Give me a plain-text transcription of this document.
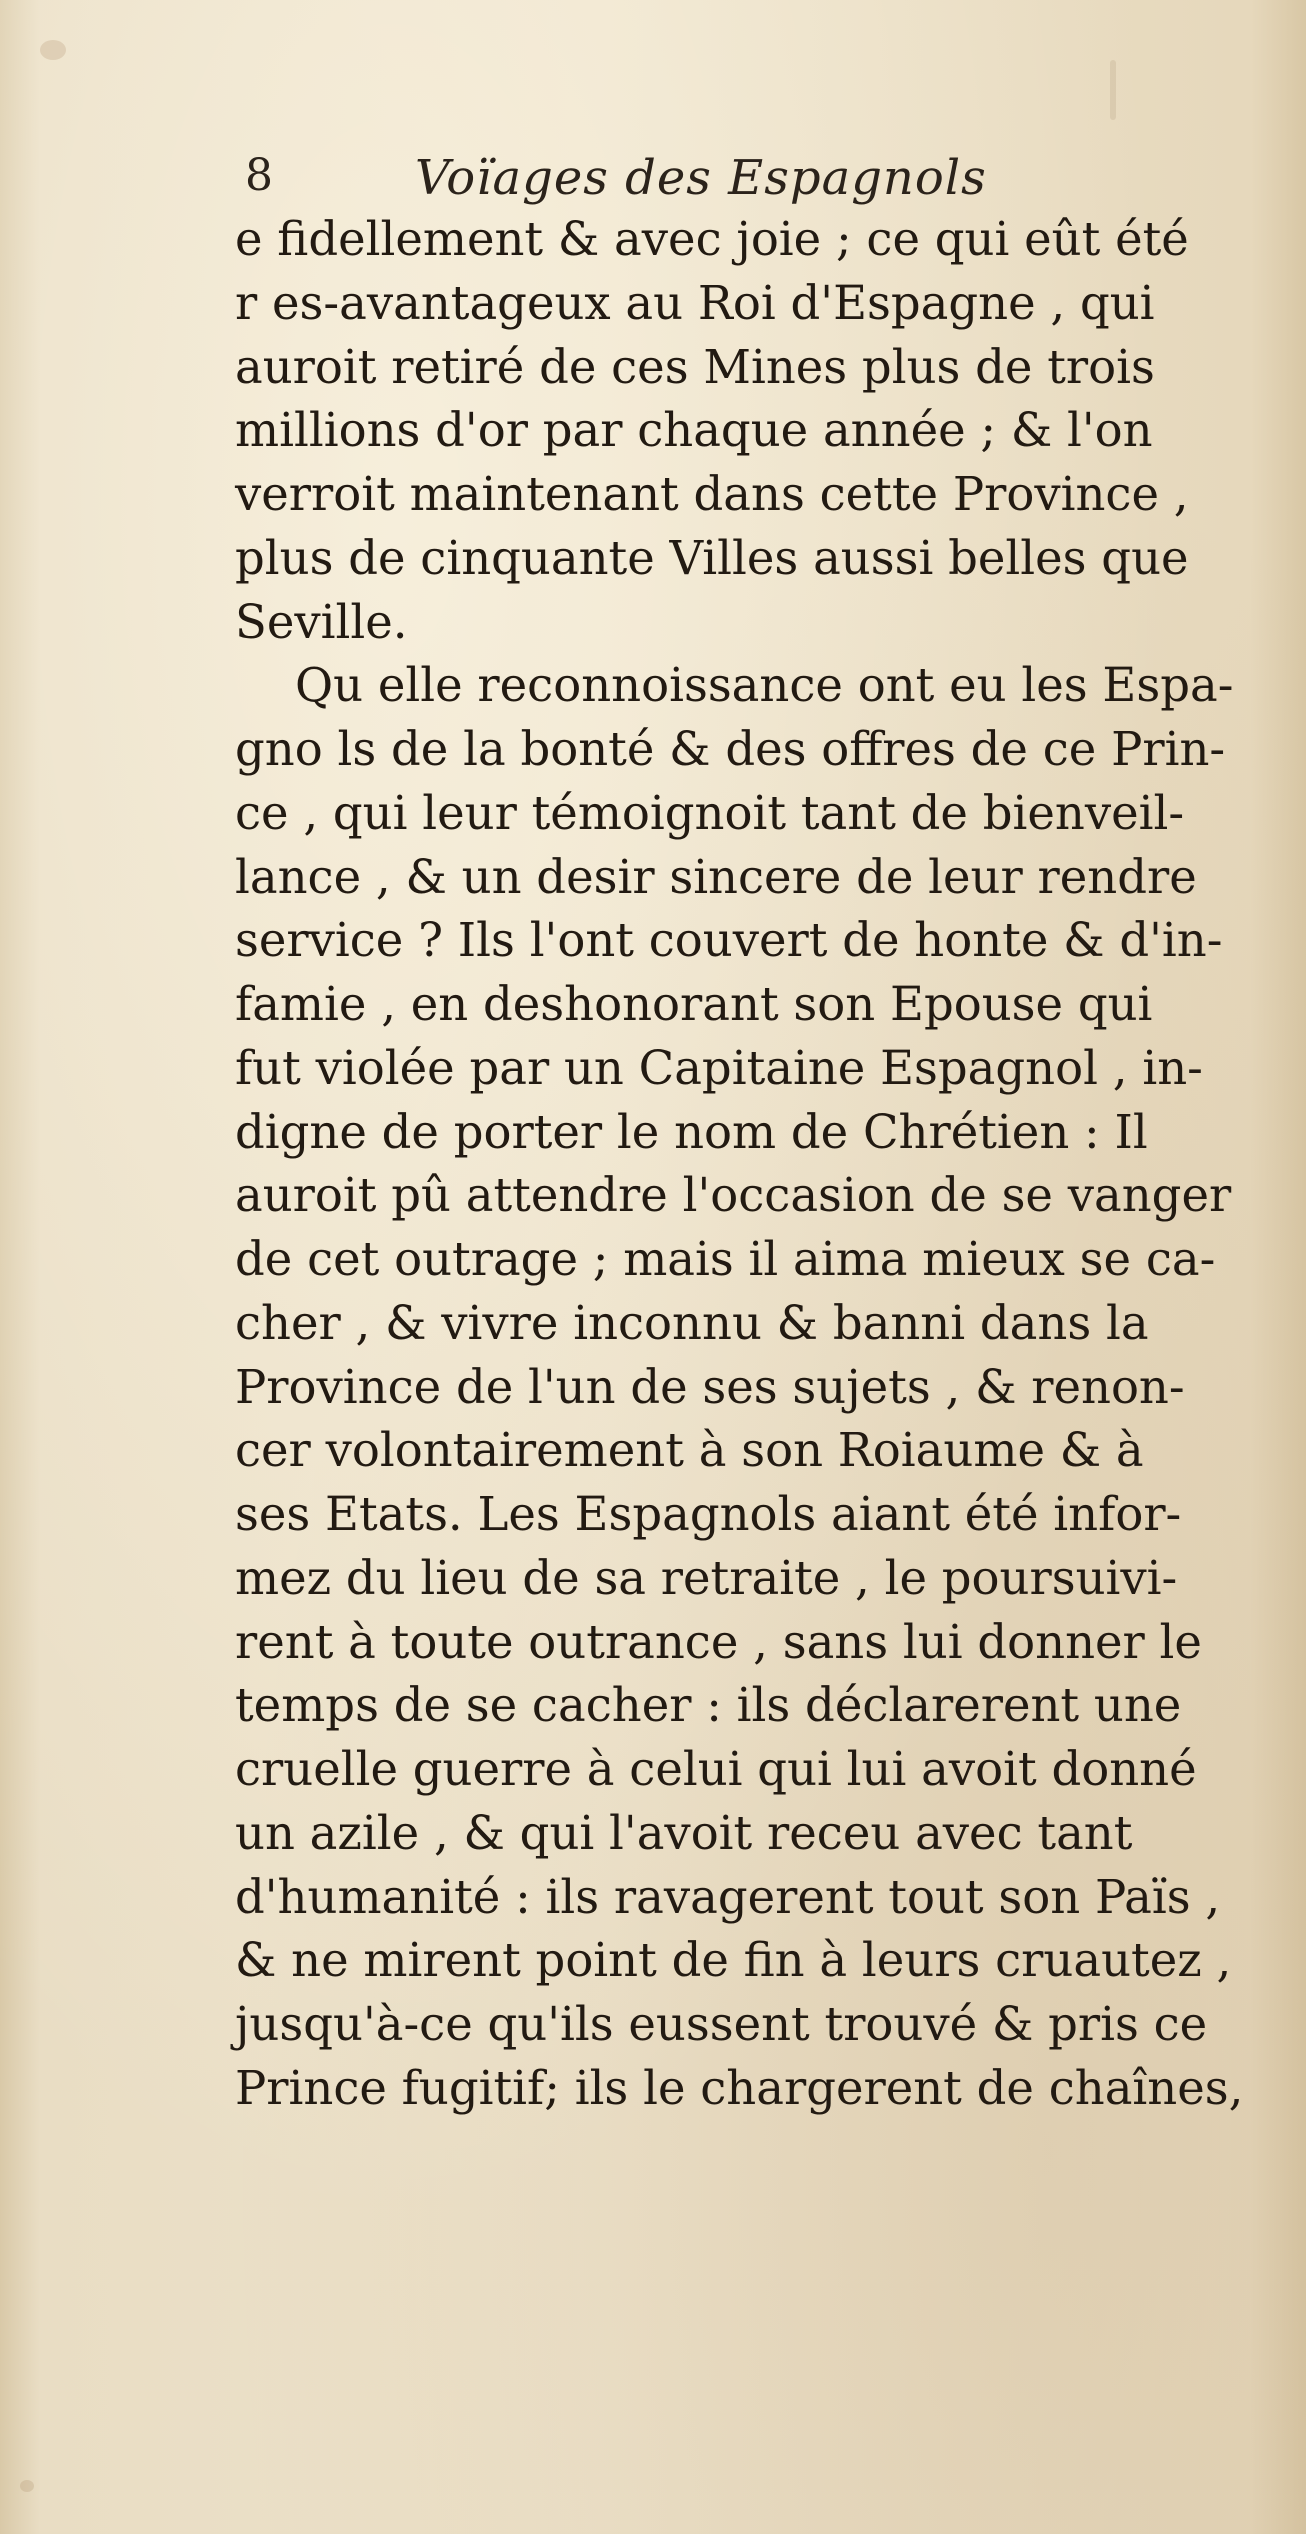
8	Voïages des Espagnols
e fidellement & avec joie ; ce qui eût été
r es-avantageux au Roi d'Espagne , qui
auroit retiré de ces Mines plus de trois
millions d'or par chaque année ; & l'on
verroit maintenant dans cette Province ,
plus de cinquante Villes aussi belles que
Seville.
Qu elle reconnoissance ont eu les Espa-
gno ls de la bonté & des offres de ce Prin-
ce , qui leur témoignoit tant de bienveil-
lance , & un desir sincere de leur rendre
service ? Ils l'ont couvert de honte & d'in-
famie , en deshonorant son Epouse qui
fut violée par un Capitaine Espagnol , in-
digne de porter le nom de Chrétien : Il
auroit pû attendre l'occasion de se vanger
de cet outrage ; mais il aima mieux se ca-
cher , & vivre inconnu & banni dans la
Province de l'un de ses sujets , & renon-
cer volontairement à son Roiaume & à
ses Etats. Les Espagnols aiant été infor-
mez du lieu de sa retraite , le poursuivi-
rent à toute outrance , sans lui donner le
temps de se cacher : ils déclarerent une
cruelle guerre à celui qui lui avoit donné
un azile , & qui l'avoit receu avec tant
d'humanité : ils ravagerent tout son Païs ,
& ne mirent point de fin à leurs cruautez ,
jusqu'à-ce qu'ils eussent trouvé & pris ce
Prince fugitif; ils le chargerent de chaînes,
